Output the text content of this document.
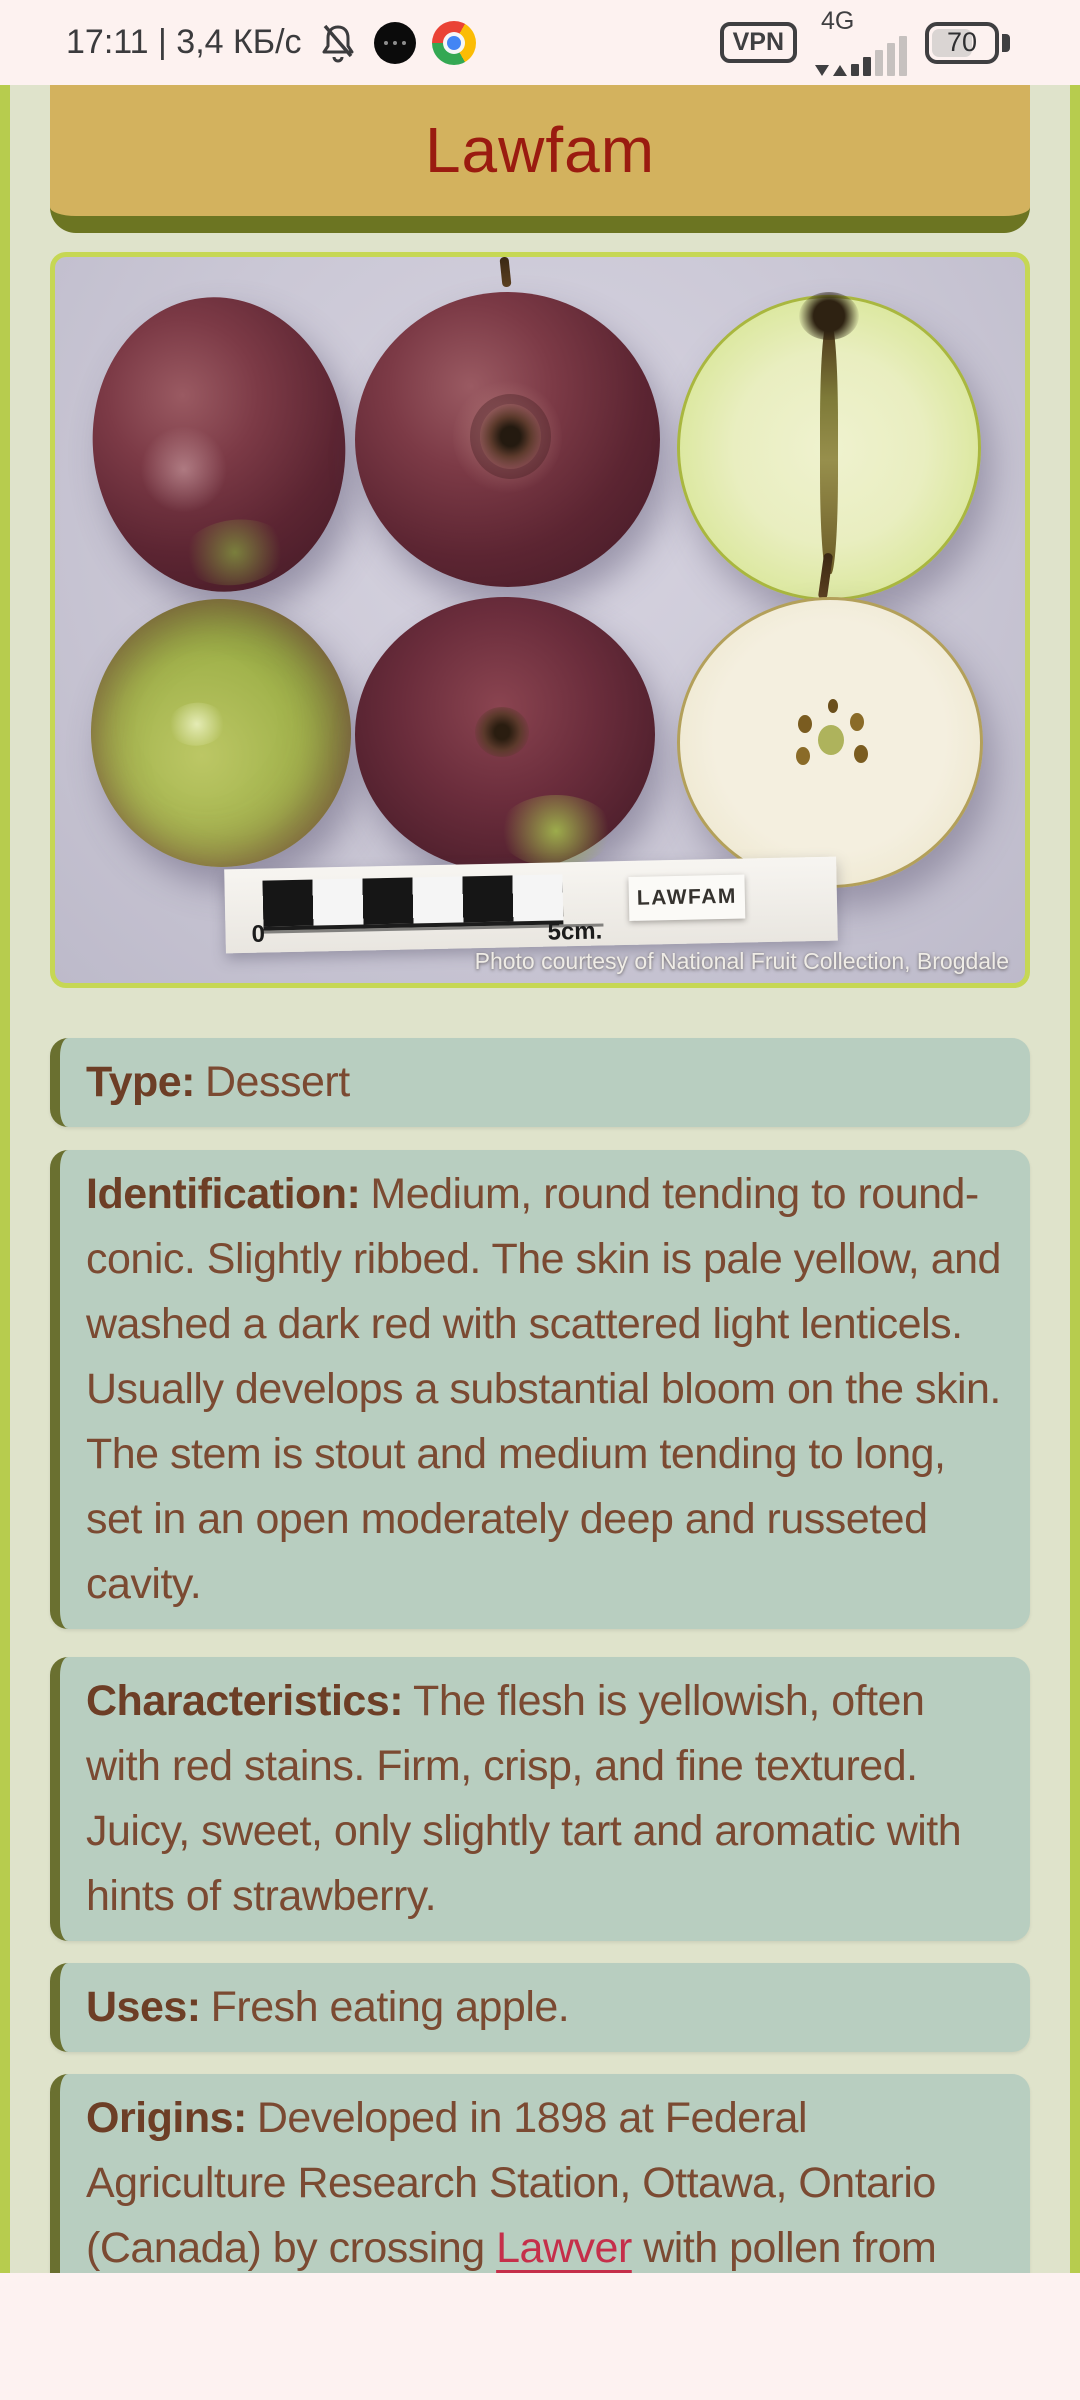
17:11 | 3,4 КБ/с	VPN
4G
70
Lawfam
0	5cm.
LAWFAM
Photo courtesy of National Fruit Collection, Brogdale
Type: Dessert
Identification: Medium, round tending to round-conic. Slightly ribbed. The skin is pale yellow, and washed a dark red with scattered light lenticels. Usually develops a substantial bloom on the skin. The stem is stout and medium tending to long, set in an open moderately deep and russeted cavity.
Characteristics: The flesh is yellowish, often with red stains. Firm, crisp, and fine textured. Juicy, sweet, only slightly tart and aromatic with hints of strawberry.
Uses: Fresh eating apple.
Origins: Developed in 1898 at Federal Agriculture Research Station, Ottawa, Ontario (Canada) by crossing Lawver with pollen from
